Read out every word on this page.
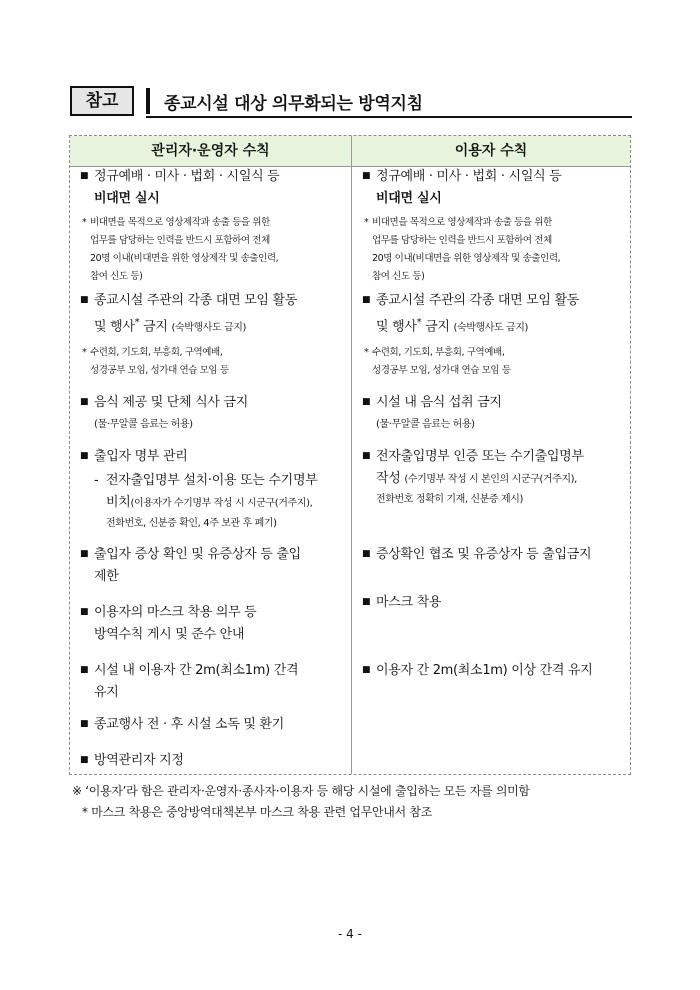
참고	종교시설 대상 의무화되는 방역지침
관리자·운영자 수칙	이용자 수칙
■ 정규예배 · 미사 · 법회 · 시일식 등
비대면 실시
* 비대면을 목적으로 영상제작과 송출 등을 위한
업무를 담당하는 인력을 반드시 포함하여 전체
20명 이내(비대면을 위한 영상제작 및 송출인력,
참여 신도 등)
■ 종교시설 주관의 각종 대면 모임 활동
및 행사* 금지 (숙박행사도 금지)
* 수련회, 기도회, 부흥회, 구역예배,
성경공부 모임, 성가대 연습 모임 등
■ 음식 제공 및 단체 식사 금지
(물·무알콜 음료는 허용)
■ 출입자 명부 관리
- 전자출입명부 설치·이용 또는 수기명부
비치(이용자가 수기명부 작성 시 시군구(거주지),
전화번호, 신분증 확인, 4주 보관 후 폐기)
■ 출입자 증상 확인 및 유증상자 등 출입
제한
■ 이용자의 마스크 착용 의무 등
방역수칙 게시 및 준수 안내
■ 시설 내 이용자 간 2m(최소1m) 간격
유지
■ 종교행사 전 · 후 시설 소독 및 환기
■ 방역관리자 지정
■ 정규예배 · 미사 · 법회 · 시일식 등
비대면 실시
* 비대면을 목적으로 영상제작과 송출 등을 위한
업무를 담당하는 인력을 반드시 포함하여 전체
20명 이내(비대면을 위한 영상제작 및 송출인력,
참여 신도 등)
■ 종교시설 주관의 각종 대면 모임 활동
및 행사* 금지 (숙박행사도 금지)
* 수련회, 기도회, 부흥회, 구역예배,
성경공부 모임, 성가대 연습 모임 등
■ 시설 내 음식 섭취 금지
(물·무알콜 음료는 허용)
■ 전자출입명부 인증 또는 수기출입명부
작성 (수기명부 작성 시 본인의 시군구(거주지),
전화번호 정확히 기재, 신분증 제시)
■ 증상확인 협조 및 유증상자 등 출입금지
■ 마스크 착용
■ 이용자 간 2m(최소1m) 이상 간격 유지
※ ‘이용자’라 함은 관리자·운영자·종사자·이용자 등 해당 시설에 출입하는 모든 자를 의미함
* 마스크 착용은 중앙방역대책본부 마스크 착용 관련 업무안내서 참조
- 4 -
